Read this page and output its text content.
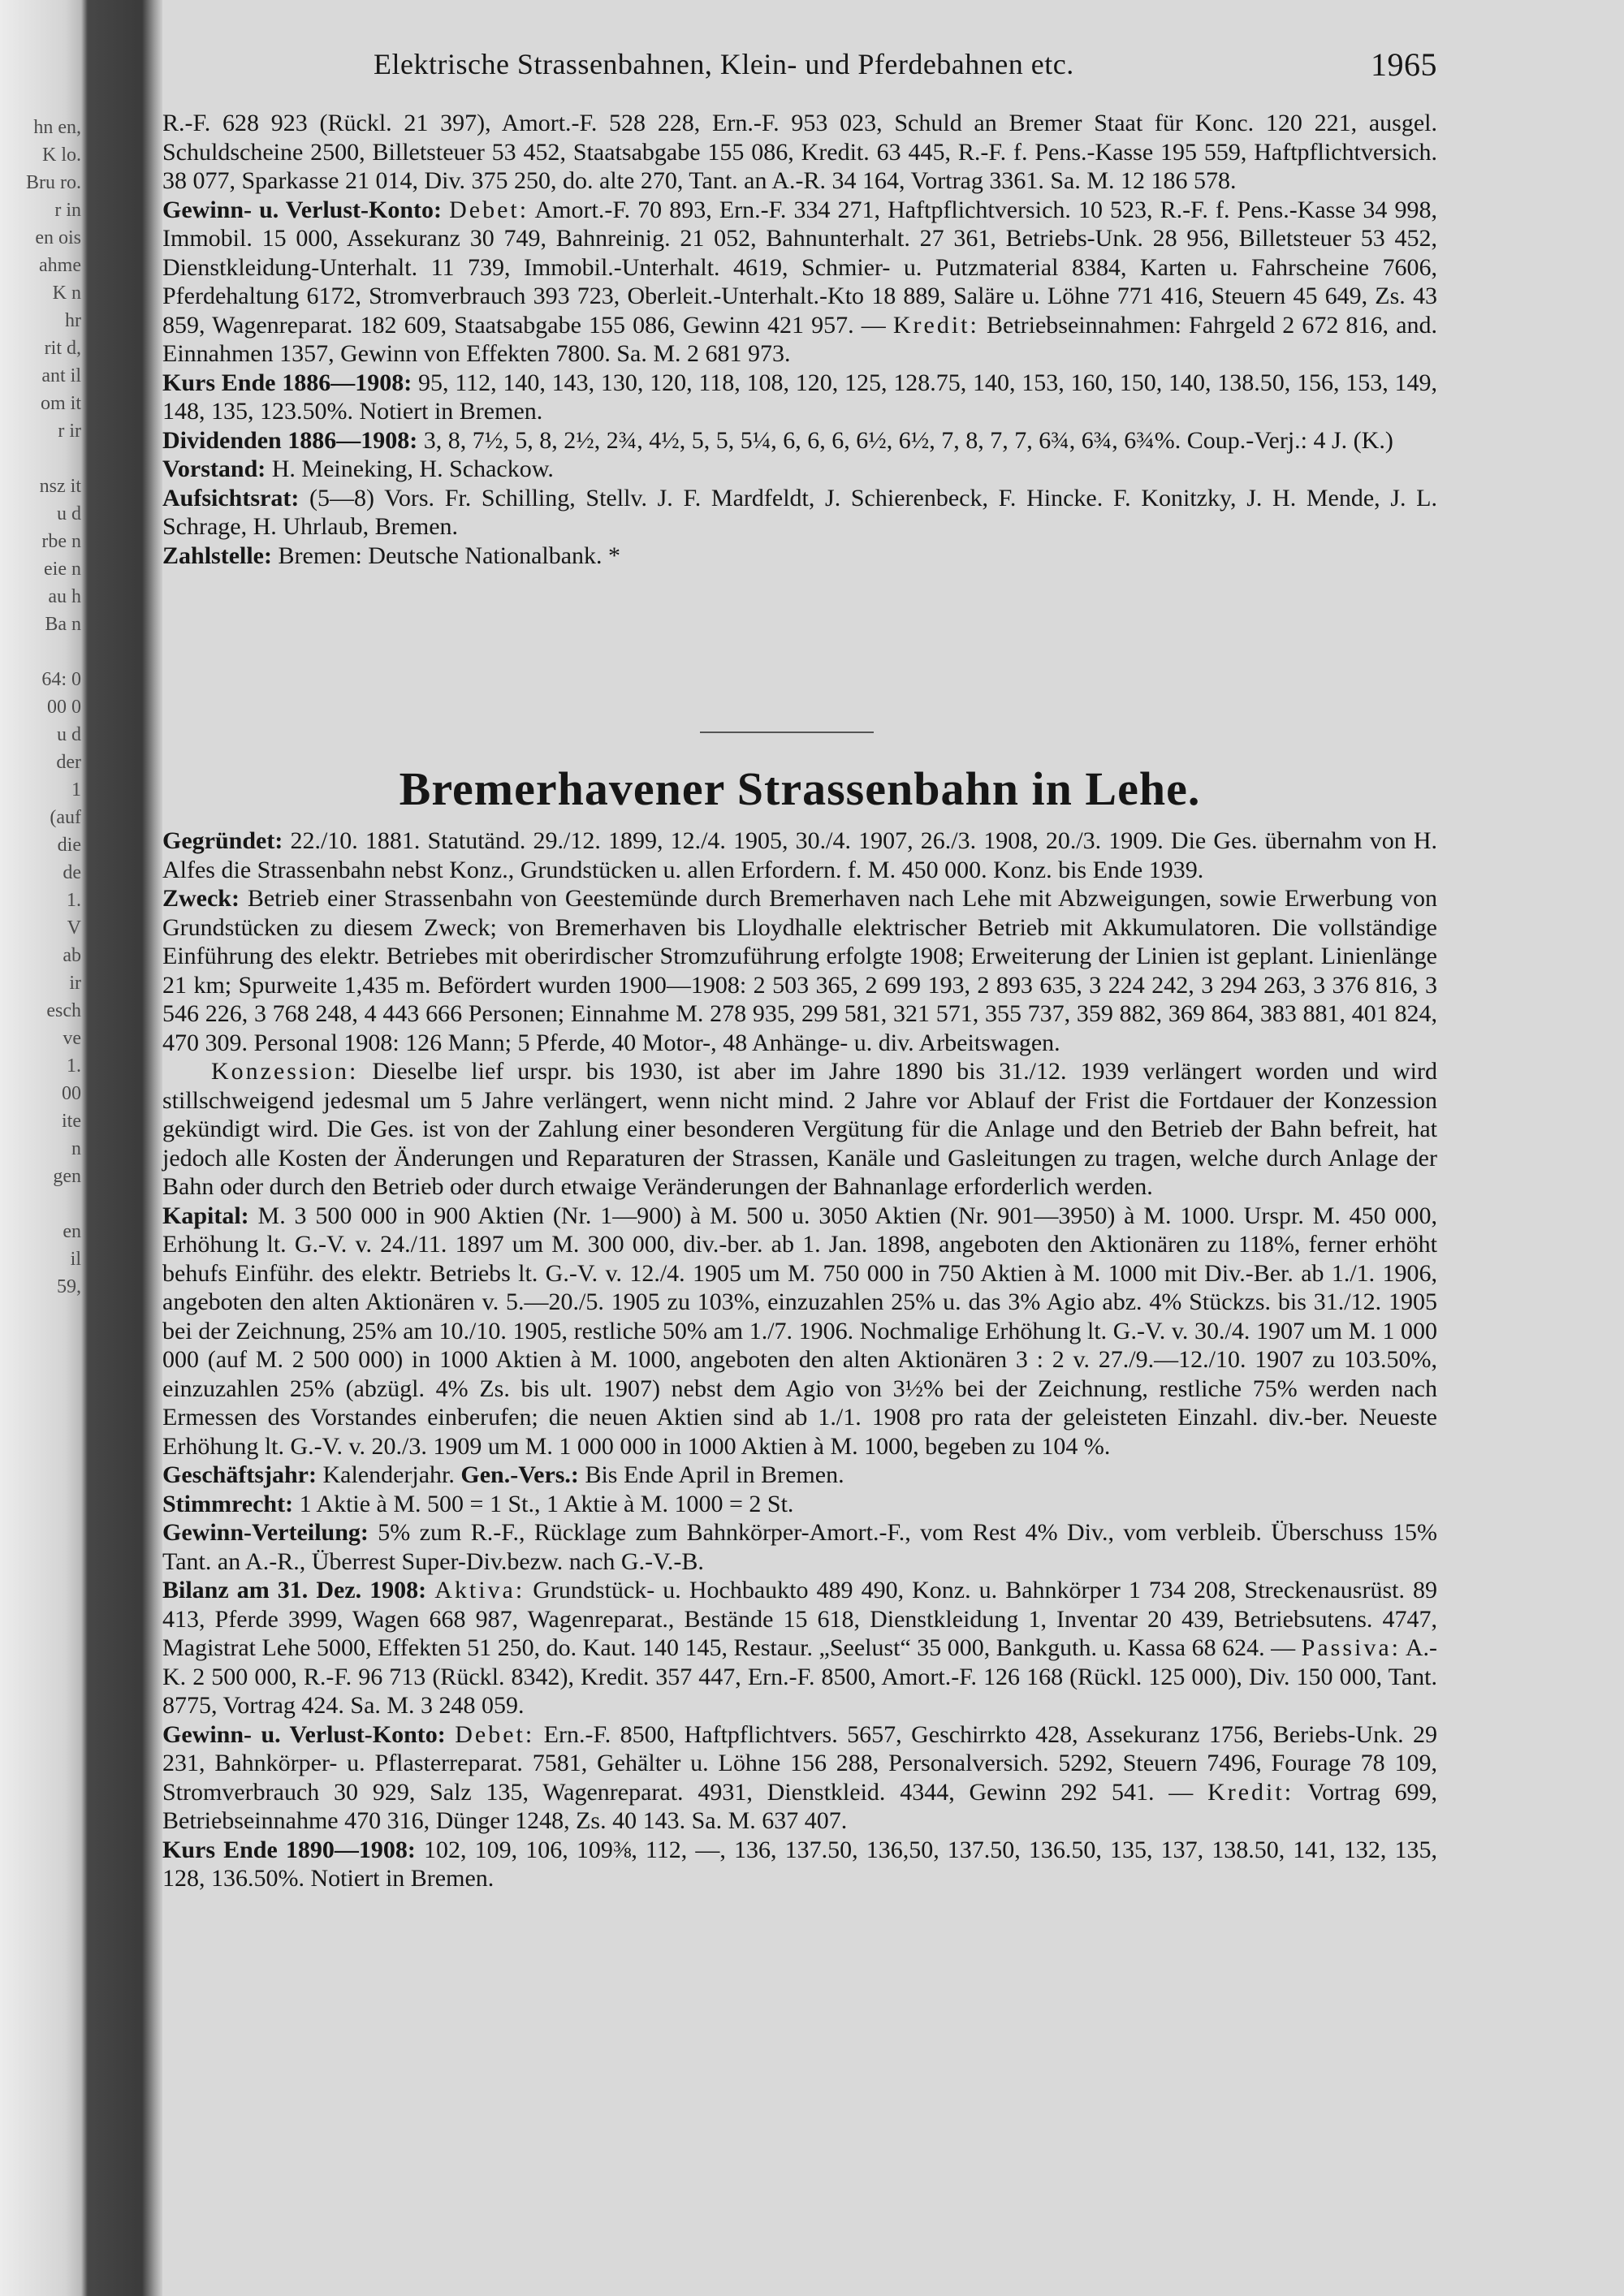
hn en,
K lo.
Bru ro.
r in
en ois
ahme
K n
hr
rit d,
ant il
om it
r ir
nsz it
u d
rbe n
eie n
au h
Ba n
64: 0
00 0
u d
der
1
(auf
die
de
1.
V
ab
ir
esch
ve
1.
00
ite
n
gen
en
il
59,
Elektrische Strassenbahnen, Klein- und Pferdebahnen etc.	1965

R.-F. 628 923 (Rückl. 21 397), Amort.-F. 528 228, Ern.-F. 953 023, Schuld an Bremer Staat für Konc. 120 221, ausgel. Schuldscheine 2500, Billetsteuer 53 452, Staatsabgabe 155 086, Kredit. 63 445, R.-F. f. Pens.-Kasse 195 559, Haftpflichtversich. 38 077, Sparkasse 21 014, Div. 375 250, do. alte 270, Tant. an A.-R. 34 164, Vortrag 3361. Sa. M. 12 186 578.

Gewinn- u. Verlust-Konto: Debet: Amort.-F. 70 893, Ern.-F. 334 271, Haftpflichtversich. 10 523, R.-F. f. Pens.-Kasse 34 998, Immobil. 15 000, Assekuranz 30 749, Bahnreinig. 21 052, Bahnunterhalt. 27 361, Betriebs-Unk. 28 956, Billetsteuer 53 452, Dienstkleidung-Unterhalt. 11 739, Immobil.-Unterhalt. 4619, Schmier- u. Putzmaterial 8384, Karten u. Fahrscheine 7606, Pferdehaltung 6172, Stromverbrauch 393 723, Oberleit.-Unterhalt.-Kto 18 889, Saläre u. Löhne 771 416, Steuern 45 649, Zs. 43 859, Wagenreparat. 182 609, Staatsabgabe 155 086, Gewinn 421 957. — Kredit: Betriebseinnahmen: Fahrgeld 2 672 816, and. Einnahmen 1357, Gewinn von Effekten 7800. Sa. M. 2 681 973.

Kurs Ende 1886—1908: 95, 112, 140, 143, 130, 120, 118, 108, 120, 125, 128.75, 140, 153, 160, 150, 140, 138.50, 156, 153, 149, 148, 135, 123.50%. Notiert in Bremen.

Dividenden 1886—1908: 3, 8, 7½, 5, 8, 2½, 2¾, 4½, 5, 5, 5¼, 6, 6, 6, 6½, 6½, 7, 8, 7, 7, 6¾, 6¾, 6¾%. Coup.-Verj.: 4 J. (K.)

Vorstand: H. Meineking, H. Schackow.

Aufsichtsrat: (5—8) Vors. Fr. Schilling, Stellv. J. F. Mardfeldt, J. Schierenbeck, F. Hincke. F. Konitzky, J. H. Mende, J. L. Schrage, H. Uhrlaub, Bremen.

Zahlstelle: Bremen: Deutsche Nationalbank. *

Bremerhavener Strassenbahn in Lehe.

Gegründet: 22./10. 1881. Statutänd. 29./12. 1899, 12./4. 1905, 30./4. 1907, 26./3. 1908, 20./3. 1909. Die Ges. übernahm von H. Alfes die Strassenbahn nebst Konz., Grundstücken u. allen Erfordern. f. M. 450 000. Konz. bis Ende 1939.

Zweck: Betrieb einer Strassenbahn von Geestemünde durch Bremerhaven nach Lehe mit Abzweigungen, sowie Erwerbung von Grundstücken zu diesem Zweck; von Bremerhaven bis Lloydhalle elektrischer Betrieb mit Akkumulatoren. Die vollständige Einführung des elektr. Betriebes mit oberirdischer Stromzuführung erfolgte 1908; Erweiterung der Linien ist geplant. Linienlänge 21 km; Spurweite 1,435 m. Befördert wurden 1900—1908: 2 503 365, 2 699 193, 2 893 635, 3 224 242, 3 294 263, 3 376 816, 3 546 226, 3 768 248, 4 443 666 Personen; Einnahme M. 278 935, 299 581, 321 571, 355 737, 359 882, 369 864, 383 881, 401 824, 470 309. Personal 1908: 126 Mann; 5 Pferde, 40 Motor-, 48 Anhänge- u. div. Arbeitswagen.

Konzession: Dieselbe lief urspr. bis 1930, ist aber im Jahre 1890 bis 31./12. 1939 verlängert worden und wird stillschweigend jedesmal um 5 Jahre verlängert, wenn nicht mind. 2 Jahre vor Ablauf der Frist die Fortdauer der Konzession gekündigt wird. Die Ges. ist von der Zahlung einer besonderen Vergütung für die Anlage und den Betrieb der Bahn befreit, hat jedoch alle Kosten der Änderungen und Reparaturen der Strassen, Kanäle und Gasleitungen zu tragen, welche durch Anlage der Bahn oder durch den Betrieb oder durch etwaige Veränderungen der Bahnanlage erforderlich werden.

Kapital: M. 3 500 000 in 900 Aktien (Nr. 1—900) à M. 500 u. 3050 Aktien (Nr. 901—3950) à M. 1000. Urspr. M. 450 000, Erhöhung lt. G.-V. v. 24./11. 1897 um M. 300 000, div.-ber. ab 1. Jan. 1898, angeboten den Aktionären zu 118%, ferner erhöht behufs Einführ. des elektr. Betriebs lt. G.-V. v. 12./4. 1905 um M. 750 000 in 750 Aktien à M. 1000 mit Div.-Ber. ab 1./1. 1906, angeboten den alten Aktionären v. 5.—20./5. 1905 zu 103%, einzuzahlen 25% u. das 3% Agio abz. 4% Stückzs. bis 31./12. 1905 bei der Zeichnung, 25% am 10./10. 1905, restliche 50% am 1./7. 1906. Nochmalige Erhöhung lt. G.-V. v. 30./4. 1907 um M. 1 000 000 (auf M. 2 500 000) in 1000 Aktien à M. 1000, angeboten den alten Aktionären 3 : 2 v. 27./9.—12./10. 1907 zu 103.50%, einzuzahlen 25% (abzügl. 4% Zs. bis ult. 1907) nebst dem Agio von 3½% bei der Zeichnung, restliche 75% werden nach Ermessen des Vorstandes einberufen; die neuen Aktien sind ab 1./1. 1908 pro rata der geleisteten Einzahl. div.-ber. Neueste Erhöhung lt. G.-V. v. 20./3. 1909 um M. 1 000 000 in 1000 Aktien à M. 1000, begeben zu 104 %.

Geschäftsjahr: Kalenderjahr. Gen.-Vers.: Bis Ende April in Bremen.

Stimmrecht: 1 Aktie à M. 500 = 1 St., 1 Aktie à M. 1000 = 2 St.

Gewinn-Verteilung: 5% zum R.-F., Rücklage zum Bahnkörper-Amort.-F., vom Rest 4% Div., vom verbleib. Überschuss 15% Tant. an A.-R., Überrest Super-Div.bezw. nach G.-V.-B.

Bilanz am 31. Dez. 1908: Aktiva: Grundstück- u. Hochbaukto 489 490, Konz. u. Bahnkörper 1 734 208, Streckenausrüst. 89 413, Pferde 3999, Wagen 668 987, Wagenreparat., Bestände 15 618, Dienstkleidung 1, Inventar 20 439, Betriebsutens. 4747, Magistrat Lehe 5000, Effekten 51 250, do. Kaut. 140 145, Restaur. „Seelust“ 35 000, Bankguth. u. Kassa 68 624. — Passiva: A.-K. 2 500 000, R.-F. 96 713 (Rückl. 8342), Kredit. 357 447, Ern.-F. 8500, Amort.-F. 126 168 (Rückl. 125 000), Div. 150 000, Tant. 8775, Vortrag 424. Sa. M. 3 248 059.

Gewinn- u. Verlust-Konto: Debet: Ern.-F. 8500, Haftpflichtvers. 5657, Geschirrkto 428, Assekuranz 1756, Beriebs-Unk. 29 231, Bahnkörper- u. Pflasterreparat. 7581, Gehälter u. Löhne 156 288, Personalversich. 5292, Steuern 7496, Fourage 78 109, Stromverbrauch 30 929, Salz 135, Wagenreparat. 4931, Dienstkleid. 4344, Gewinn 292 541. — Kredit: Vortrag 699, Betriebseinnahme 470 316, Dünger 1248, Zs. 40 143. Sa. M. 637 407.

Kurs Ende 1890—1908: 102, 109, 106, 109⅜, 112, —, 136, 137.50, 136,50, 137.50, 136.50, 135, 137, 138.50, 141, 132, 135, 128, 136.50%. Notiert in Bremen.
